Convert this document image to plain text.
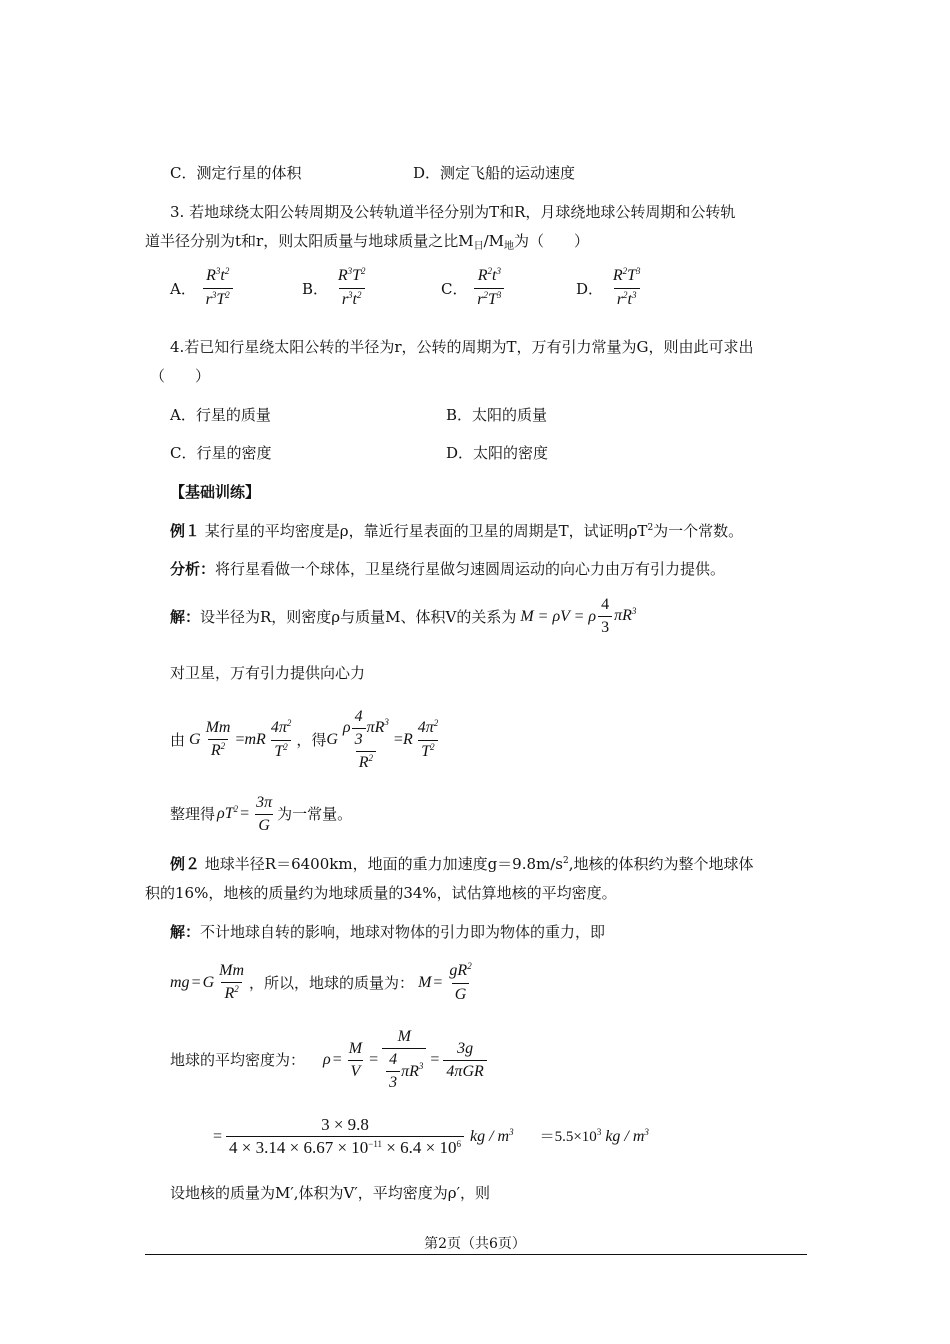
C．测定行星的体积	D．测定飞船的运动速度
3. 若地球绕太阳公转周期及公转轨道半径分别为T和R，月球绕地球公转周期和公转轨
道半径分别为t和r，则太阳质量与地球质量之比$M_日/M_地$为（　　）
A． $\frac{R^3t^2}{r^3T^2}$	B． $\frac{R^3T^2}{r^3t^2}$	C． $\frac{R^2t^3}{r^2T^3}$	D． $\frac{R^2T^3}{r^2t^3}$
4.若已知行星绕太阳公转的半径为r，公转的周期为T，万有引力常量为G，则由此可求出
（　　）
A．行星的质量	B．太阳的质量
C．行星的密度	D．太阳的密度
【基础训练】
例１ 某行星的平均密度是ρ，靠近行星表面的卫星的周期是T，试证明$\rho T^2$为一个常数。
分析：将行星看做一个球体，卫星绕行星做匀速圆周运动的向心力由万有引力提供。
解： 设半径为R，则密度ρ与质量M、体积V的关系为 M = ρV = ρ $\frac{4}{3} \pi R^3$
对卫星，万有引力提供向心力
由 G $\frac{Mm}{R^2}$ = mR $\frac{4\pi^2}{T^2}$ ，得 G $\frac{\rho \frac{4}{3} \pi R 3}{R^2} = R \frac{4\pi^2}{T^2}$
整理得 $\rho T^2 = \frac{3\pi}{G}$ 为一常量。
例２ 地球半径R＝6400km，地面的重力加速度$g=9.8m/s^2$,地核的体积约为整个地球体
积的16%，地核的质量约为地球质量的34%，试估算地核的平均密度。
解：不计地球自转的影响，地球对物体的引力即为物体的重力，即
mg = G $\frac{Mm}{R^2}$ ，所以，地球的质量为： $M = \frac{gR^2}{G}$
地球的平均密度为： $\rho = \frac{M}{V} = \frac{M}{\frac{4}{3} \pi R 3} = \frac{3g}{\text{4πGR}}$
= $\frac{3 \times 9.8}{4 \times 3.14 \times 6.67 \times 10^{-11} \times 6.4 \times 10^6}$ kg / $m^3 =5.5\times 10^3$ kg / $m^3$
设地核的质量为M′,体积为V′，平均密度为ρ′，则
第2页（共6页）
